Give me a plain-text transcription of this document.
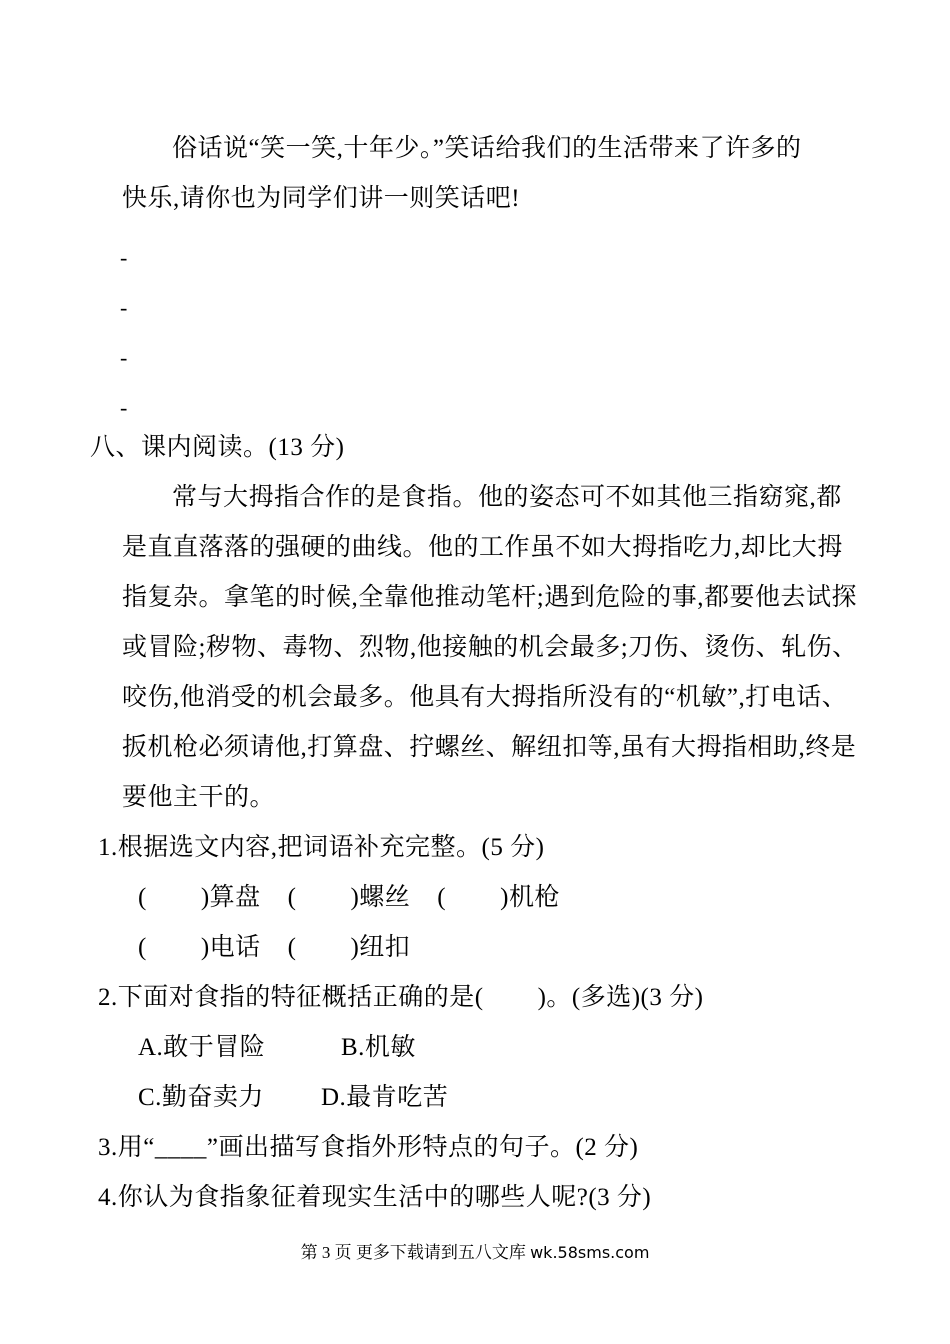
俗话说“笑一笑,十年少。”笑话给我们的生活带来了许多的
快乐,请你也为同学们讲一则笑话吧!
-
-
-
-
八、课内阅读。(13 分)
常与大拇指合作的是食指。他的姿态可不如其他三指窈窕,都
是直直落落的强硬的曲线。他的工作虽不如大拇指吃力,却比大拇
指复杂。拿笔的时候,全靠他推动笔杆;遇到危险的事,都要他去试探
或冒险;秽物、毒物、烈物,他接触的机会最多;刀伤、烫伤、轧伤、
咬伤,他消受的机会最多。他具有大拇指所没有的“机敏”,打电话、
扳机枪必须请他,打算盘、拧螺丝、解纽扣等,虽有大拇指相助,终是
要他主干的。
1.根据选文内容,把词语补充完整。(5 分)
(        )算盘    (        )螺丝    (        )机枪
(        )电话    (        )纽扣
2.下面对食指的特征概括正确的是(        )。(多选)(3 分)
A.敢于冒险	B.机敏
C.勤奋卖力 D.最肯吃苦
3.用“____”画出描写食指外形特点的句子。(2 分)
4.你认为食指象征着现实生活中的哪些人呢?(3 分)
第 3 页 更多下载请到五八文库 wk.58sms.com
